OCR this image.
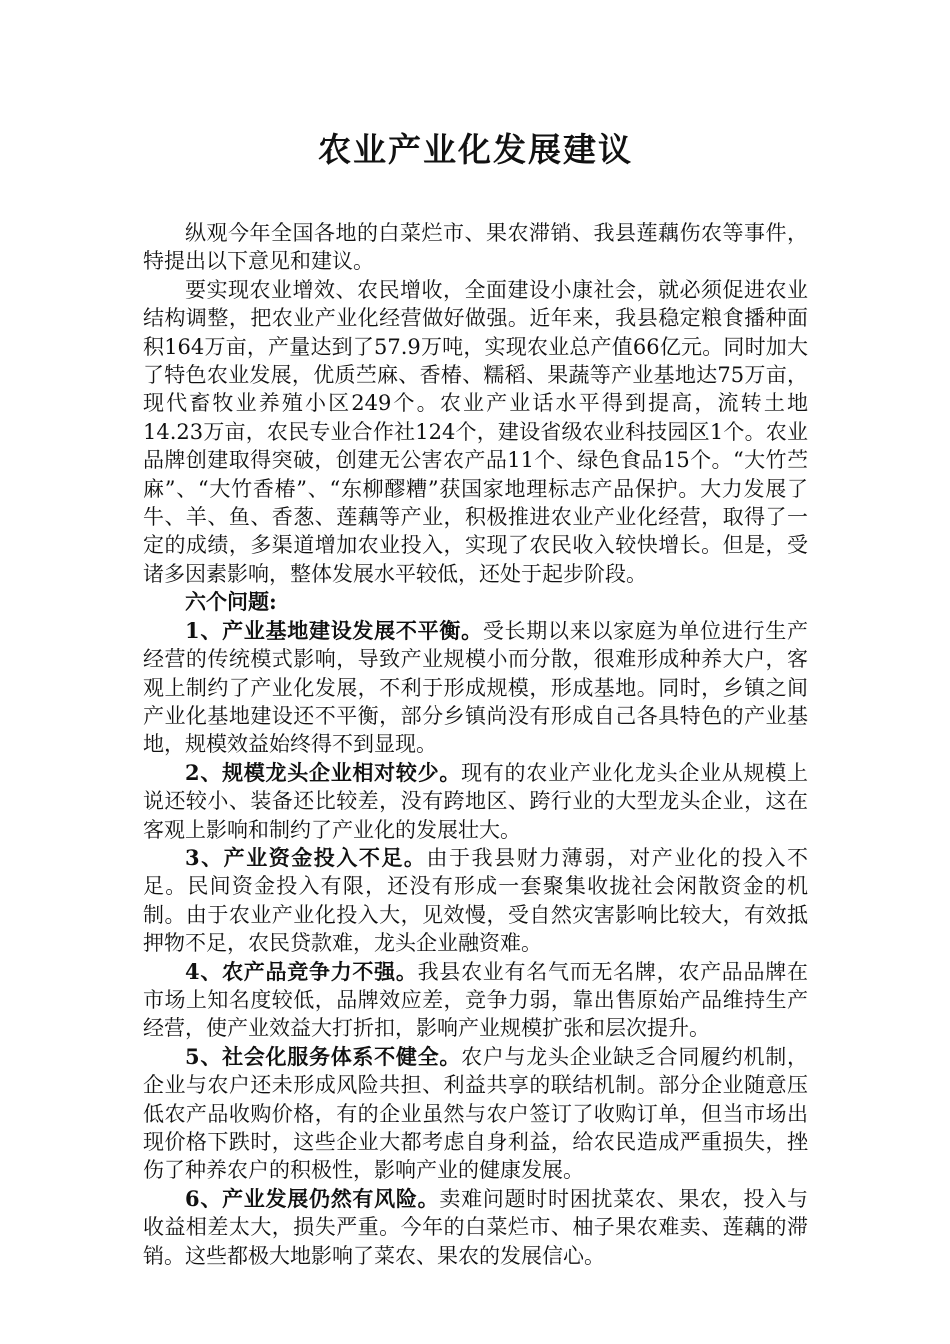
农业产业化发展建议

纵观今年全国各地的白菜烂市、果农滞销、我县莲藕伤农等事件，特提出以下意见和建议。

要实现农业增效、农民增收，全面建设小康社会，就必须促进农业结构调整，把农业产业化经营做好做强。近年来，我县稳定粮食播种面积164万亩，产量达到了57.9万吨，实现农业总产值66亿元。同时加大了特色农业发展，优质苎麻、香椿、糯稻、果蔬等产业基地达75万亩，现代畜牧业养殖小区249个。农业产业话水平得到提高，流转土地14.23万亩，农民专业合作社124个，建设省级农业科技园区1个。农业品牌创建取得突破，创建无公害农产品11个、绿色食品15个。“大竹苎麻”、“大竹香椿”、“东柳醪糟”获国家地理标志产品保护。大力发展了牛、羊、鱼、香葱、莲藕等产业，积极推进农业产业化经营，取得了一定的成绩，多渠道增加农业投入，实现了农民收入较快增长。但是，受诸多因素影响，整体发展水平较低，还处于起步阶段。

六个问题:

1、产业基地建设发展不平衡。受长期以来以家庭为单位进行生产经营的传统模式影响，导致产业规模小而分散，很难形成种养大户，客观上制约了产业化发展，不利于形成规模，形成基地。同时，乡镇之间产业化基地建设还不平衡，部分乡镇尚没有形成自己各具特色的产业基地，规模效益始终得不到显现。

2、规模龙头企业相对较少。现有的农业产业化龙头企业从规模上说还较小、装备还比较差，没有跨地区、跨行业的大型龙头企业，这在客观上影响和制约了产业化的发展壮大。

3、产业资金投入不足。由于我县财力薄弱，对产业化的投入不足。民间资金投入有限，还没有形成一套聚集收拢社会闲散资金的机制。由于农业产业化投入大，见效慢，受自然灾害影响比较大，有效抵押物不足，农民贷款难，龙头企业融资难。

4、农产品竞争力不强。我县农业有名气而无名牌，农产品品牌在市场上知名度较低，品牌效应差，竞争力弱，靠出售原始产品维持生产经营，使产业效益大打折扣，影响产业规模扩张和层次提升。

5、社会化服务体系不健全。农户与龙头企业缺乏合同履约机制，企业与农户还未形成风险共担、利益共享的联结机制。部分企业随意压低农产品收购价格，有的企业虽然与农户签订了收购订单，但当市场出现价格下跌时，这些企业大都考虑自身利益，给农民造成严重损失，挫伤了种养农户的积极性，影响产业的健康发展。

6、产业发展仍然有风险。卖难问题时时困扰菜农、果农，投入与收益相差太大，损失严重。今年的白菜烂市、柚子果农难卖、莲藕的滞销。这些都极大地影响了菜农、果农的发展信心。
